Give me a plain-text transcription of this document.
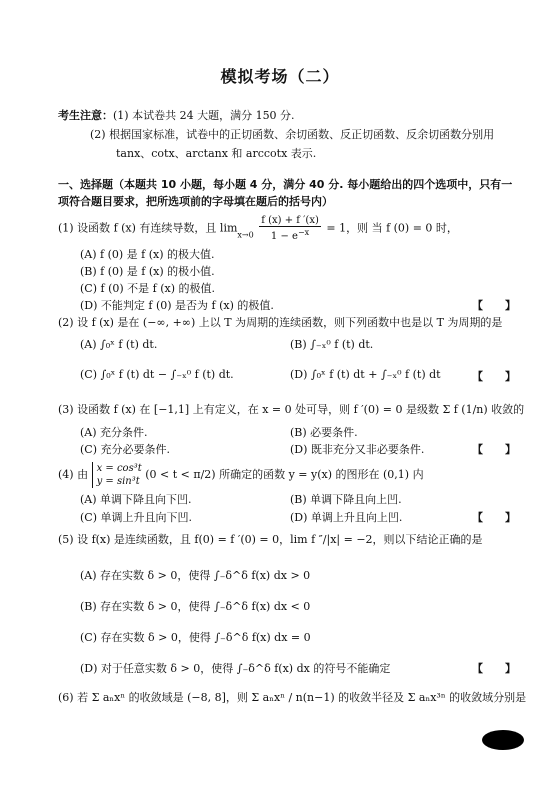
模拟考场（二）
考生注意：(1) 本试卷共 24 大题，满分 150 分.
(2) 根据国家标准，试卷中的正切函数、余切函数、反正切函数、反余切函数分别用 tanx、cotx、arctanx 和 arccotx 表示.
一、选择题（本题共 10 小题，每小题 4 分，满分 40 分. 每小题给出的四个选项中，只有一项符合题目要求，把所选项前的字母填在题后的括号内）
(1) 设函数 f (x) 有连续导数，且 $\lim_{x\to 0} \frac{f (x) + f '(x)}{1 - e^{-x}} = 1$，则 当 f (0) = 0 时，
(A) f (0) 是 f (x) 的极大值.
(B) f (0) 是 f (x) 的极小值.
(C) f (0) 不是 f (x) 的极值.
(D) 不能判定 f (0) 是否为 f (x) 的极值.	【　　】
(2) 设 f (x) 是在 (−∞, +∞) 上以 T 为周期的连续函数，则下列函数中也是以 T 为周期的是
(A) ∫₀ˣ f (t) dt.	(B) ∫₋ₓ⁰ f (t) dt.
(C) ∫₀ˣ f (t) dt − ∫₋ₓ⁰ f (t) dt.	(D) ∫₀ˣ f (t) dt + ∫₋ₓ⁰ f (t) dt	【　　】
(3) 设函数 f (x) 在 [−1,1] 上有定义，在 x = 0 处可导，则 f ′(0) = 0 是级数 Σ f (1/n) 收敛的
(A) 充分条件.	(B) 必要条件.
(C) 充分必要条件.	(D) 既非充分又非必要条件.	【　　】
(4) 由 x = cos³t
y = sin³t
(0 < t < π/2) 所确定的函数 y = y(x) 的图形在 (0,1) 内
(A) 单调下降且向下凹.	(B) 单调下降且向上凹.
(C) 单调上升且向下凹.	(D) 单调上升且向上凹.	【　　】
(5) 设 f(x) 是连续函数，且 f(0) = f ′(0) = 0，lim f ″/|x| = −2，则以下结论正确的是
(A) 存在实数 δ > 0，使得 ∫₋δ^δ f(x) dx > 0
(B) 存在实数 δ > 0，使得 ∫₋δ^δ f(x) dx < 0
(C) 存在实数 δ > 0，使得 ∫₋δ^δ f(x) dx = 0
(D) 对于任意实数 δ > 0，使得 ∫₋δ^δ f(x) dx 的符号不能确定	【　　】
(6) 若 Σ aₙxⁿ 的收敛域是 (−8, 8]，则 Σ aₙxⁿ / n(n−1) 的收敛半径及 Σ aₙx³ⁿ 的收敛域分别是
